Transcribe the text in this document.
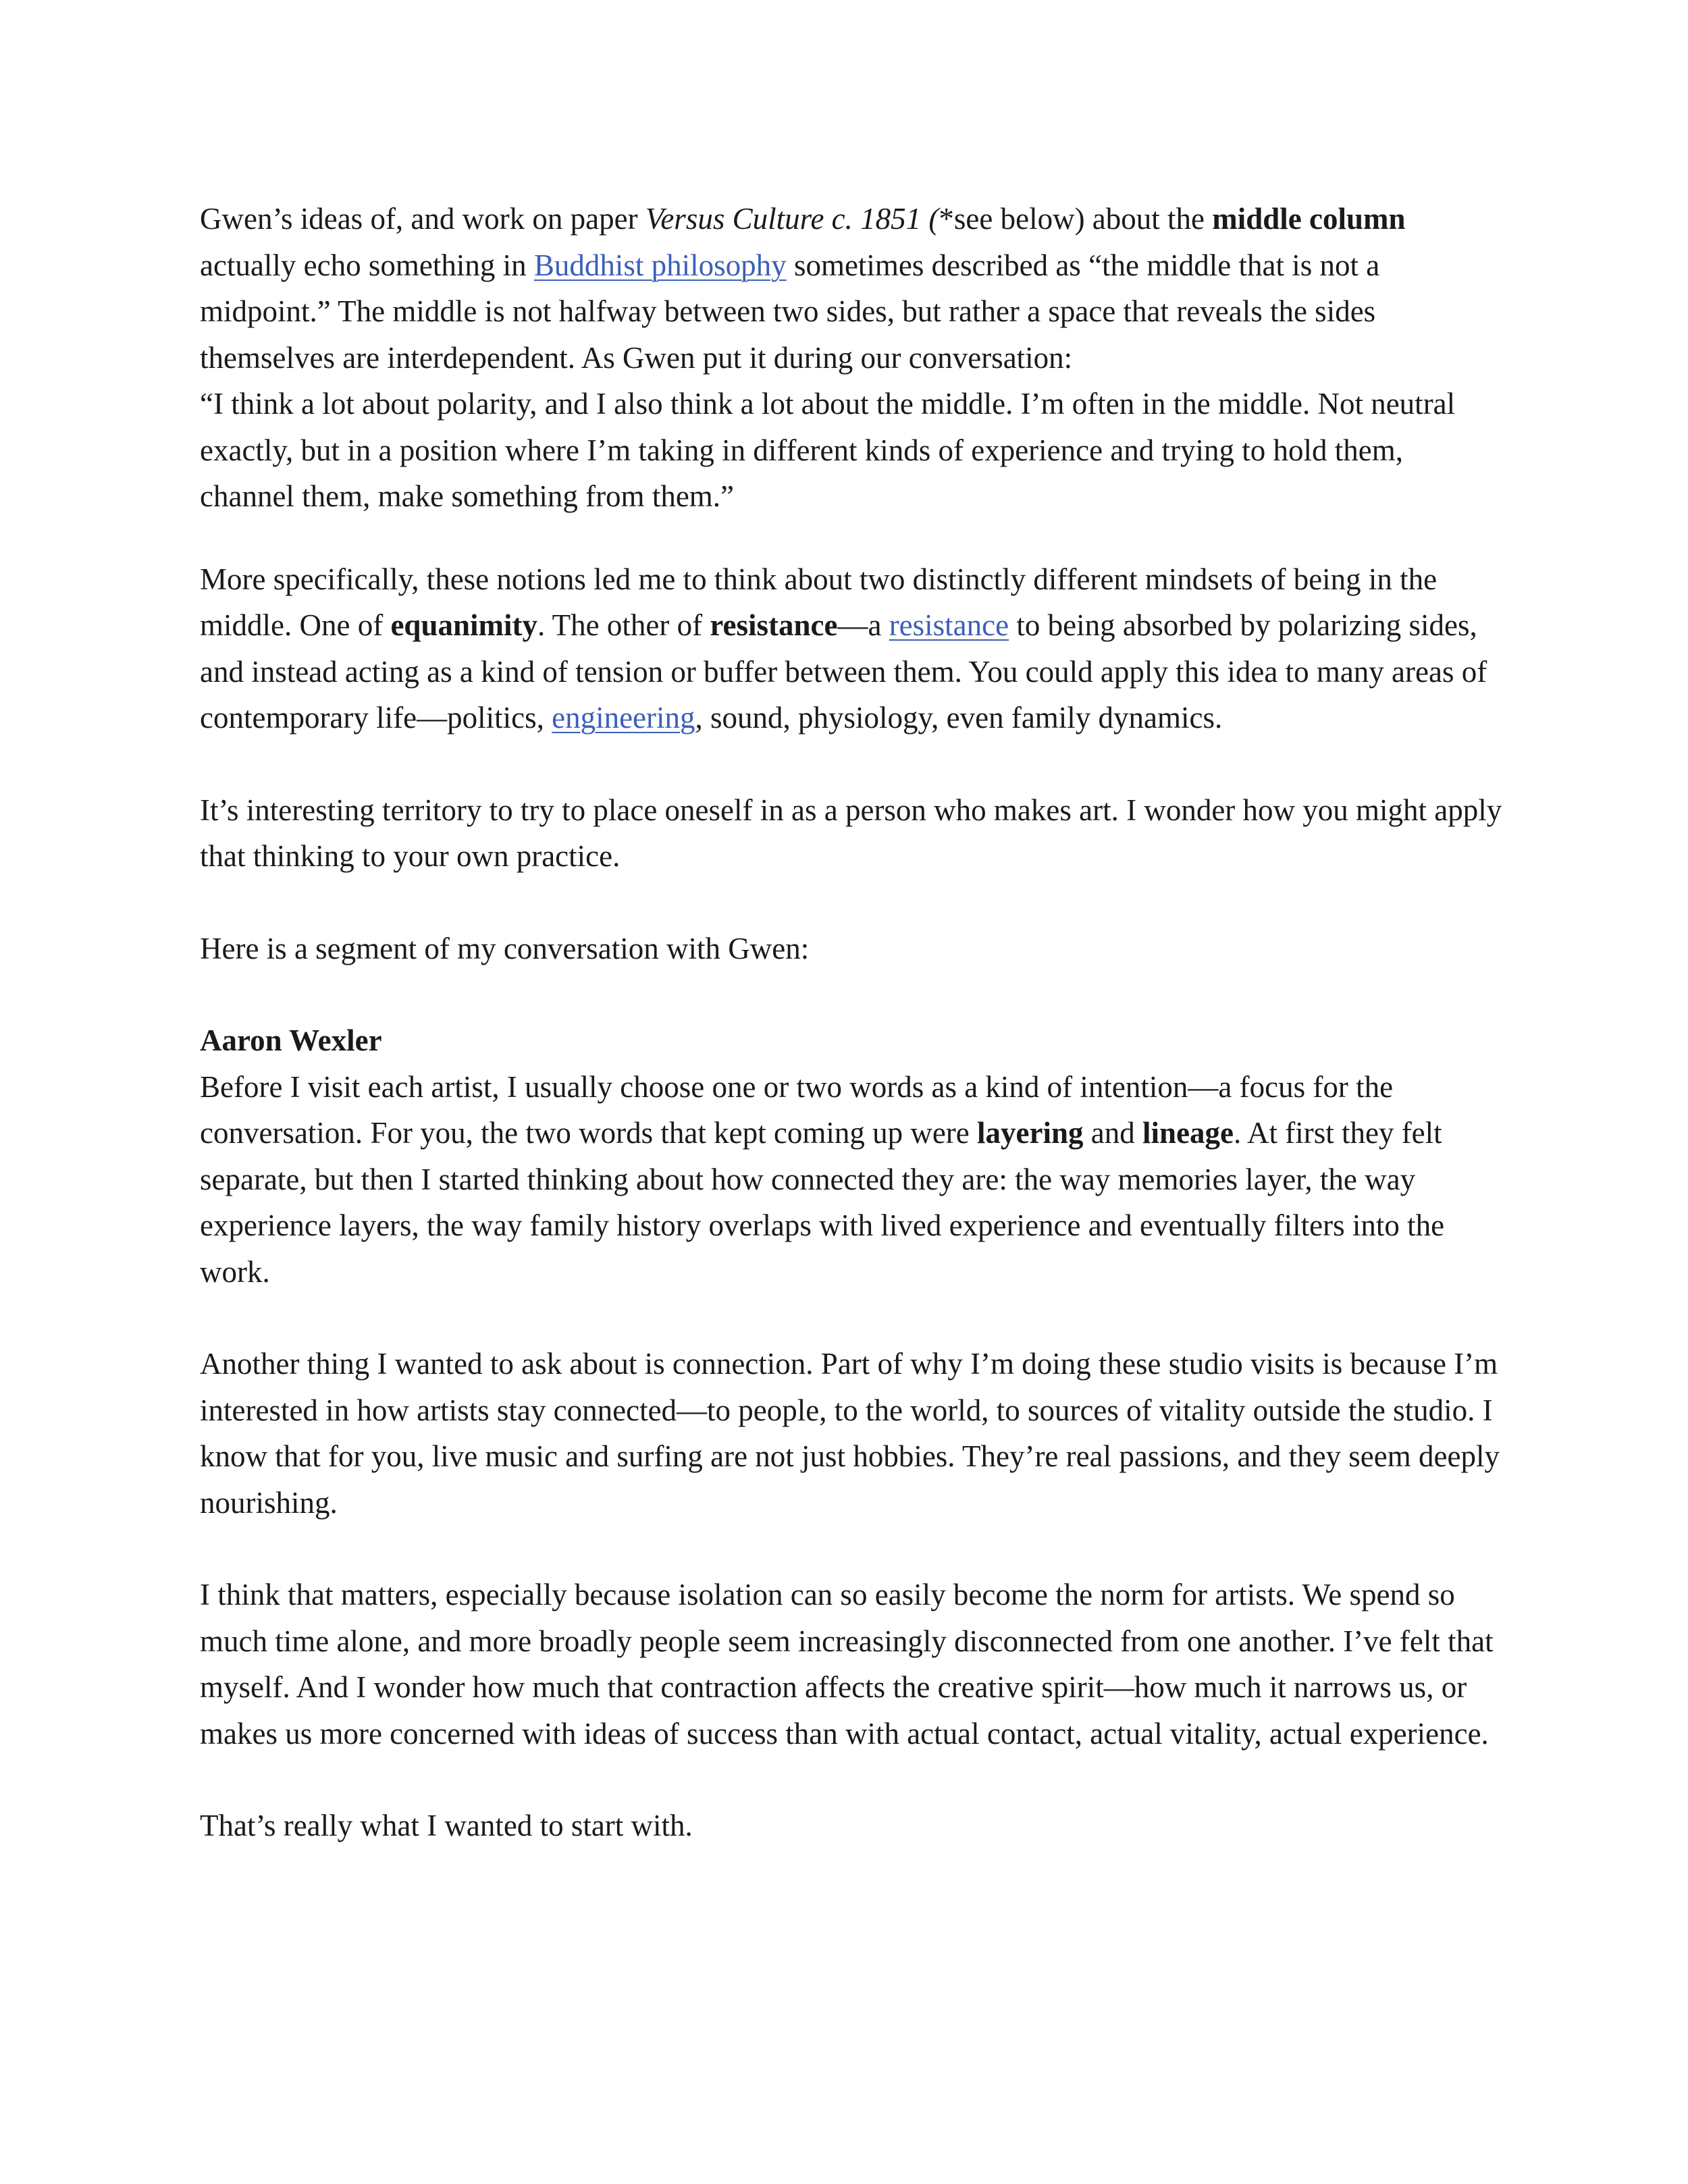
Gwen’s ideas of, and work on paper Versus Culture c. 1851 (*see below) about the middle column actually echo something in Buddhist philosophy sometimes described as “the middle that is not a midpoint.” The middle is not halfway between two sides, but rather a space that reveals the sides themselves are interdependent. As Gwen put it during our conversation:

“I think a lot about polarity, and I also think a lot about the middle. I’m often in the middle. Not neutral exactly, but in a position where I’m taking in different kinds of experience and trying to hold them, channel them, make something from them.”

More specifically, these notions led me to think about two distinctly different mindsets of being in the middle. One of equanimity. The other of resistance—a resistance to being absorbed by polarizing sides, and instead acting as a kind of tension or buffer between them. You could apply this idea to many areas of contemporary life—politics, engineering, sound, physiology, even family dynamics.

It’s interesting territory to try to place oneself in as a person who makes art. I wonder how you might apply that thinking to your own practice.

Here is a segment of my conversation with Gwen:

Aaron Wexler

Before I visit each artist, I usually choose one or two words as a kind of intention—a focus for the conversation. For you, the two words that kept coming up were layering and lineage. At first they felt separate, but then I started thinking about how connected they are: the way memories layer, the way experience layers, the way family history overlaps with lived experience and eventually filters into the work.

Another thing I wanted to ask about is connection. Part of why I’m doing these studio visits is because I’m interested in how artists stay connected—to people, to the world, to sources of vitality outside the studio. I know that for you, live music and surfing are not just hobbies. They’re real passions, and they seem deeply nourishing.

I think that matters, especially because isolation can so easily become the norm for artists. We spend so much time alone, and more broadly people seem increasingly disconnected from one another. I’ve felt that myself. And I wonder how much that contraction affects the creative spirit—how much it narrows us, or makes us more concerned with ideas of success than with actual contact, actual vitality, actual experience.

That’s really what I wanted to start with.
